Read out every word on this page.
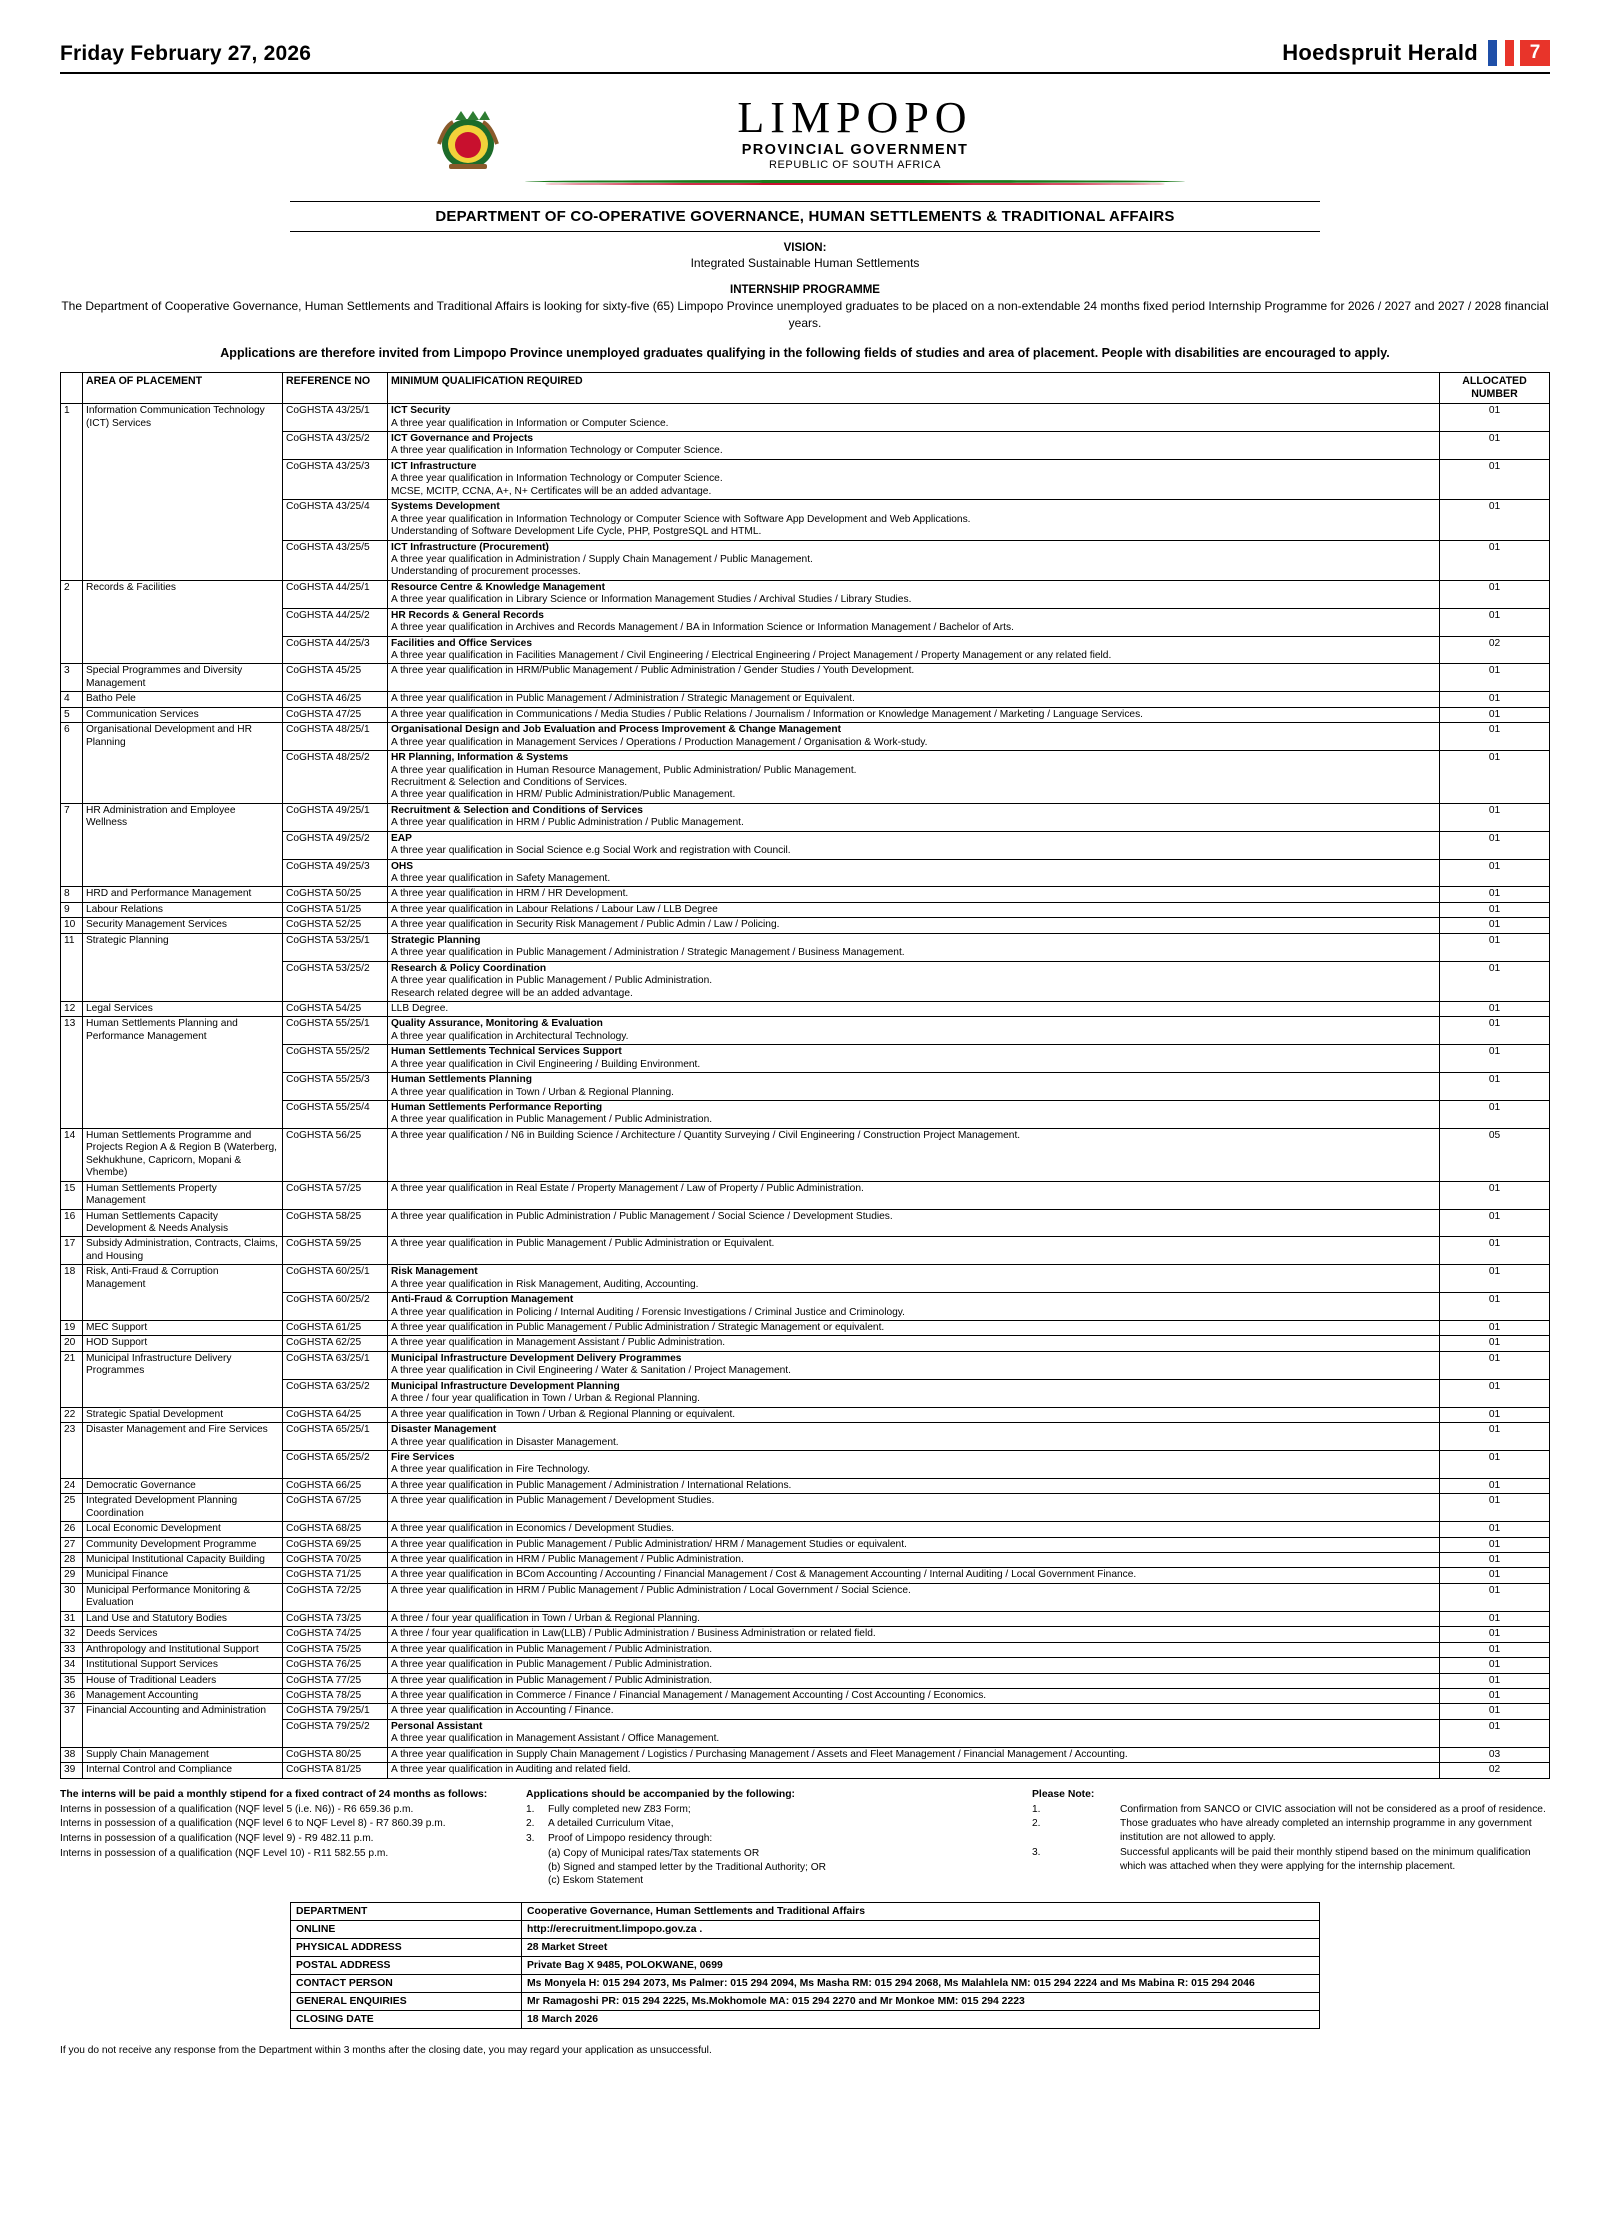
Friday February 27, 2026	Hoedspruit Herald	7
LIMPOPO
PROVINCIAL GOVERNMENT
REPUBLIC OF SOUTH AFRICA
DEPARTMENT OF CO-OPERATIVE GOVERNANCE, HUMAN SETTLEMENTS & TRADITIONAL AFFAIRS
VISION:
Integrated Sustainable Human Settlements
INTERNSHIP PROGRAMME
The Department of Cooperative Governance, Human Settlements and Traditional Affairs is looking for sixty-five (65) Limpopo Province unemployed graduates to be placed on a non-extendable 24 months fixed period Internship Programme for 2026 / 2027 and 2027 / 2028 financial years.
Applications are therefore invited from Limpopo Province unemployed graduates qualifying in the following fields of studies and area of placement. People with disabilities are encouraged to apply.
	AREA OF PLACEMENT	REFERENCE NO	MINIMUM QUALIFICATION REQUIRED	ALLOCATED NUMBER
1	Information Communication Technology (ICT) Services	CoGHSTA 43/25/1	ICT Security
A three year qualification in Information or Computer Science.	01
		CoGHSTA 43/25/2	ICT Governance and Projects
A three year qualification in Information Technology or Computer Science.	01
		CoGHSTA 43/25/3	ICT Infrastructure
A three year qualification in Information Technology or Computer Science.
MCSE, MCITP, CCNA, A+, N+ Certificates will be an added advantage.	01
		CoGHSTA 43/25/4	Systems Development
A three year qualification in Information Technology or Computer Science with Software App Development and Web Applications.
Understanding of Software Development Life Cycle, PHP, PostgreSQL and HTML.	01
		CoGHSTA 43/25/5	ICT Infrastructure (Procurement)
A three year qualification in Administration / Supply Chain Management / Public Management.
Understanding of procurement processes.	01
2	Records & Facilities	CoGHSTA 44/25/1	Resource Centre & Knowledge Management
A three year qualification in Library Science or Information Management Studies / Archival Studies / Library Studies.	01
		CoGHSTA 44/25/2	HR Records & General Records
A three year qualification in Archives and Records Management / BA in Information Science or Information Management / Bachelor of Arts.	01
		CoGHSTA 44/25/3	Facilities and Office Services
A three year qualification in Facilities Management / Civil Engineering / Electrical Engineering / Project Management / Property Management or any related field.	02
3	Special Programmes and Diversity Management	CoGHSTA 45/25	A three year qualification in HRM/Public Management / Public Administration / Gender Studies / Youth Development.	01
4	Batho Pele	CoGHSTA 46/25	A three year qualification in Public Management / Administration / Strategic Management or Equivalent.	01
5	Communication Services	CoGHSTA 47/25	A three year qualification in Communications / Media Studies / Public Relations / Journalism / Information or Knowledge Management / Marketing / Language Services.	01
6	Organisational Development and HR Planning	CoGHSTA 48/25/1	Organisational Design and Job Evaluation and Process Improvement & Change Management
A three year qualification in Management Services / Operations / Production Management / Organisation & Work-study.	01
		CoGHSTA 48/25/2	HR Planning, Information & Systems
A three year qualification in Human Resource Management, Public Administration/ Public Management.
Recruitment & Selection and Conditions of Services.
A three year qualification in HRM/ Public Administration/Public Management.	01
7	HR Administration and Employee Wellness	CoGHSTA 49/25/1	Recruitment & Selection and Conditions of Services
A three year qualification in HRM / Public Administration / Public Management.	01
		CoGHSTA 49/25/2	EAP
A three year qualification in Social Science e.g Social Work and registration with Council.	01
		CoGHSTA 49/25/3	OHS
A three year qualification in Safety Management.	01
8	HRD and Performance Management	CoGHSTA 50/25	A three year qualification in HRM / HR Development.	01
9	Labour Relations	CoGHSTA 51/25	A three year qualification in Labour Relations / Labour Law / LLB Degree	01
10	Security Management Services	CoGHSTA 52/25	A three year qualification in Security Risk Management / Public Admin / Law / Policing.	01
11	Strategic Planning	CoGHSTA 53/25/1	Strategic Planning
A three year qualification in Public Management / Administration / Strategic Management / Business Management.	01
		CoGHSTA 53/25/2	Research & Policy Coordination
A three year qualification in Public Management / Public Administration.
Research related degree will be an added advantage.	01
12	Legal Services	CoGHSTA 54/25	LLB Degree.	01
13	Human Settlements Planning and Performance Management	CoGHSTA 55/25/1	Quality Assurance, Monitoring & Evaluation
A three year qualification in Architectural Technology.	01
		CoGHSTA 55/25/2	Human Settlements Technical Services Support
A three year qualification in Civil Engineering / Building Environment.	01
		CoGHSTA 55/25/3	Human Settlements Planning
A three year qualification in Town / Urban & Regional Planning.	01
		CoGHSTA 55/25/4	Human Settlements Performance Reporting
A three year qualification in Public Management / Public Administration.	01
14	Human Settlements Programme and Projects Region A & Region B (Waterberg, Sekhukhune, Capricorn, Mopani & Vhembe)	CoGHSTA 56/25	A three year qualification / N6 in Building Science / Architecture / Quantity Surveying / Civil Engineering / Construction Project Management.	05
15	Human Settlements Property Management	CoGHSTA 57/25	A three year qualification in Real Estate / Property Management / Law of Property / Public Administration.	01
16	Human Settlements Capacity Development & Needs Analysis	CoGHSTA 58/25	A three year qualification in Public Administration / Public Management / Social Science / Development Studies.	01
17	Subsidy Administration, Contracts, Claims, and Housing	CoGHSTA 59/25	A three year qualification in Public Management / Public Administration or Equivalent.	01
18	Risk, Anti-Fraud & Corruption Management	CoGHSTA 60/25/1	Risk Management
A three year qualification in Risk Management, Auditing, Accounting.	01
		CoGHSTA 60/25/2	Anti-Fraud & Corruption Management
A three year qualification in Policing / Internal Auditing / Forensic Investigations / Criminal Justice and Criminology.	01
19	MEC Support	CoGHSTA 61/25	A three year qualification in Public Management / Public Administration / Strategic Management or equivalent.	01
20	HOD Support	CoGHSTA 62/25	A three year qualification in Management Assistant / Public Administration.	01
21	Municipal Infrastructure Delivery Programmes	CoGHSTA 63/25/1	Municipal Infrastructure Development Delivery Programmes
A three year qualification in Civil Engineering / Water & Sanitation / Project Management.	01
		CoGHSTA 63/25/2	Municipal Infrastructure Development Planning
A three / four year qualification in Town / Urban & Regional Planning.	01
22	Strategic Spatial Development	CoGHSTA 64/25	A three year qualification in Town / Urban & Regional Planning or equivalent.	01
23	Disaster Management and Fire Services	CoGHSTA 65/25/1	Disaster Management
A three year qualification in Disaster Management.	01
		CoGHSTA 65/25/2	Fire Services
A three year qualification in Fire Technology.	01
24	Democratic Governance	CoGHSTA 66/25	A three year qualification in Public Management / Administration / International Relations.	01
25	Integrated Development Planning Coordination	CoGHSTA 67/25	A three year qualification in Public Management / Development Studies.	01
26	Local Economic Development	CoGHSTA 68/25	A three year qualification in Economics / Development Studies.	01
27	Community Development Programme	CoGHSTA 69/25	A three year qualification in Public Management / Public Administration/ HRM / Management Studies or equivalent.	01
28	Municipal Institutional Capacity Building	CoGHSTA 70/25	A three year qualification in HRM / Public Management / Public Administration.	01
29	Municipal Finance	CoGHSTA 71/25	A three year qualification in BCom Accounting / Accounting / Financial Management / Cost & Management Accounting / Internal Auditing / Local Government Finance.	01
30	Municipal Performance Monitoring & Evaluation	CoGHSTA 72/25	A three year qualification in HRM / Public Management / Public Administration / Local Government / Social Science.	01
31	Land Use and Statutory Bodies	CoGHSTA 73/25	A three / four year qualification in Town / Urban & Regional Planning.	01
32	Deeds Services	CoGHSTA 74/25	A three / four year qualification in Law(LLB) / Public Administration / Business Administration or related field.	01
33	Anthropology and Institutional Support	CoGHSTA 75/25	A three year qualification in Public Management / Public Administration.	01
34	Institutional Support Services	CoGHSTA 76/25	A three year qualification in Public Management / Public Administration.	01
35	House of Traditional Leaders	CoGHSTA 77/25	A three year qualification in Public Management / Public Administration.	01
36	Management Accounting	CoGHSTA 78/25	A three year qualification in Commerce / Finance / Financial Management / Management Accounting / Cost Accounting / Economics.	01
37	Financial Accounting and Administration	CoGHSTA 79/25/1	A three year qualification in Accounting / Finance.	01
		CoGHSTA 79/25/2	Personal Assistant
A three year qualification in Management Assistant / Office Management.	01
38	Supply Chain Management	CoGHSTA 80/25	A three year qualification in Supply Chain Management / Logistics / Purchasing Management / Assets and Fleet Management / Financial Management / Accounting.	03
39	Internal Control and Compliance	CoGHSTA 81/25	A three year qualification in Auditing and related field.	02
The interns will be paid a monthly stipend for a fixed contract of 24 months as follows:

Interns in possession of a qualification (NQF level 5 (i.e. N6)) - R6 659.36 p.m.

Interns in possession of a qualification (NQF level 6 to NQF Level 8) - R7 860.39 p.m.

Interns in possession of a qualification (NQF level 9) - R9 482.11 p.m.

Interns in possession of a qualification (NQF Level 10) - R11 582.55 p.m.

Applications should be accompanied by the following:
1.	Fully completed new Z83 Form;
2.	A detailed Curriculum Vitae,
3.	Proof of Limpopo residency through:
(a) Copy of Municipal rates/Tax statements OR
(b) Signed and stamped letter by the Traditional Authority; OR
(c) Eskom Statement
Please Note:
1.	Confirmation from SANCO or CIVIC association will not be considered as a proof of residence.
2.	Those graduates who have already completed an internship programme in any government institution are not allowed to apply.
3.	Successful applicants will be paid their monthly stipend based on the minimum qualification which was attached when they were applying for the internship placement.
DEPARTMENT	Cooperative Governance, Human Settlements and Traditional Affairs
ONLINE	http://erecruitment.limpopo.gov.za .
PHYSICAL ADDRESS	28 Market Street
POSTAL ADDRESS	Private Bag X 9485, POLOKWANE, 0699
CONTACT PERSON	Ms Monyela H: 015 294 2073, Ms Palmer: 015 294 2094, Ms Masha RM: 015 294 2068, Ms Malahlela NM: 015 294 2224 and Ms Mabina R: 015 294 2046
GENERAL ENQUIRIES	Mr Ramagoshi PR: 015 294 2225, Ms.Mokhomole MA: 015 294 2270 and Mr Monkoe MM: 015 294 2223
CLOSING DATE	18 March 2026
If you do not receive any response from the Department within 3 months after the closing date, you may regard your application as unsuccessful.
